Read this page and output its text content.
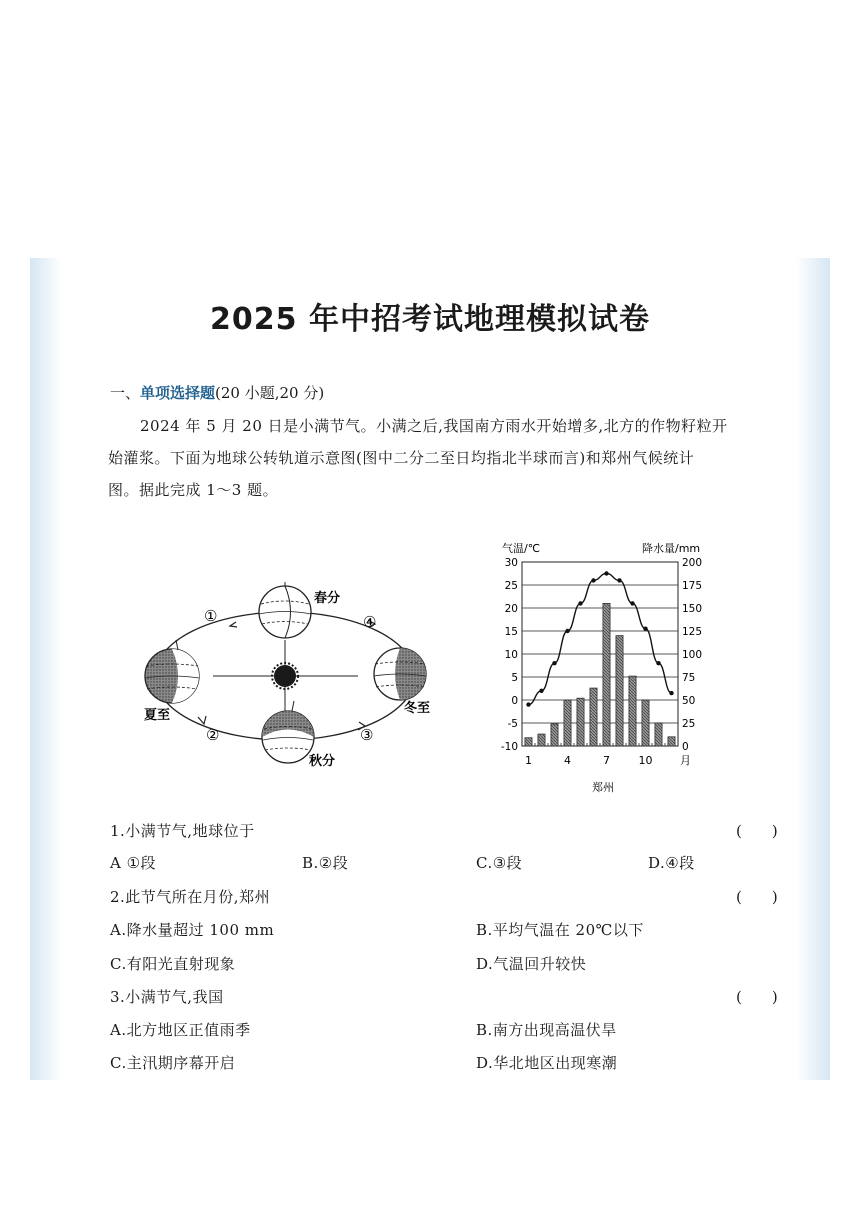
2025 年中招考试地理模拟试卷
一、单项选择题(20 小题,20 分)

2024 年 5 月 20 日是小满节气。小满之后,我国南方雨水开始增多,北方的作物籽粒开

始灌浆。下面为地球公转轨道示意图(图中二分二至日均指北半球而言)和郑州气候统计

图。据此完成 1～3 题。

春分
夏至	冬至
秋分
①	④
②	③
气温/℃	降水量/mm
30
25
20
15
10
5
0
-5
-10
200
175
150
125
100
75
50
25
0
1	4	7	10	月
郑州
1.小满节气,地球位于	(　　)
A ①段	B.②段	C.③段	D.④段
2.此节气所在月份,郑州	(　　)
A.降水量超过 100 mm	B.平均气温在 20℃以下
C.有阳光直射现象	D.气温回升较快
3.小满节气,我国	(　　)
A.北方地区正值雨季	B.南方出现高温伏旱
C.主汛期序幕开启	D.华北地区出现寒潮
